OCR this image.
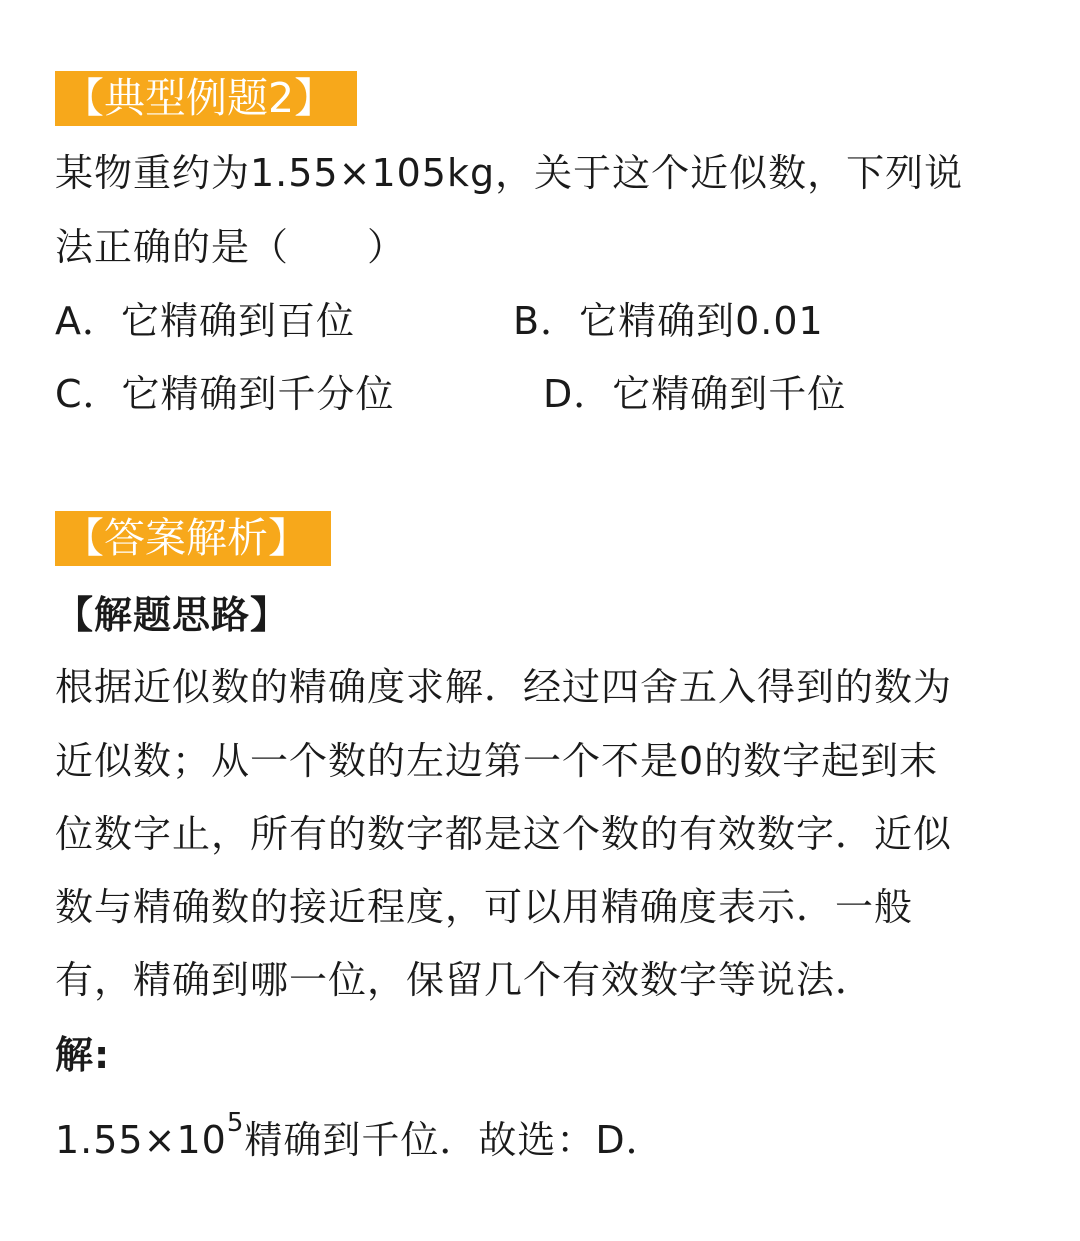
【典型例题2】
某物重约为1.55×105kg，关于这个近似数，下列说
法正确的是（　　）
A．它精确到百位	B．它精确到0.01
C．它精确到千分位	D．它精确到千位
【答案解析】
【解题思路】
根据近似数的精确度求解．经过四舍五入得到的数为
近似数；从一个数的左边第一个不是0的数字起到末
位数字止，所有的数字都是这个数的有效数字．近似
数与精确数的接近程度，可以用精确度表示．一般
有，精确到哪一位，保留几个有效数字等说法．
解:
$1.55\times 10^5$精确到千位．故选：D．
